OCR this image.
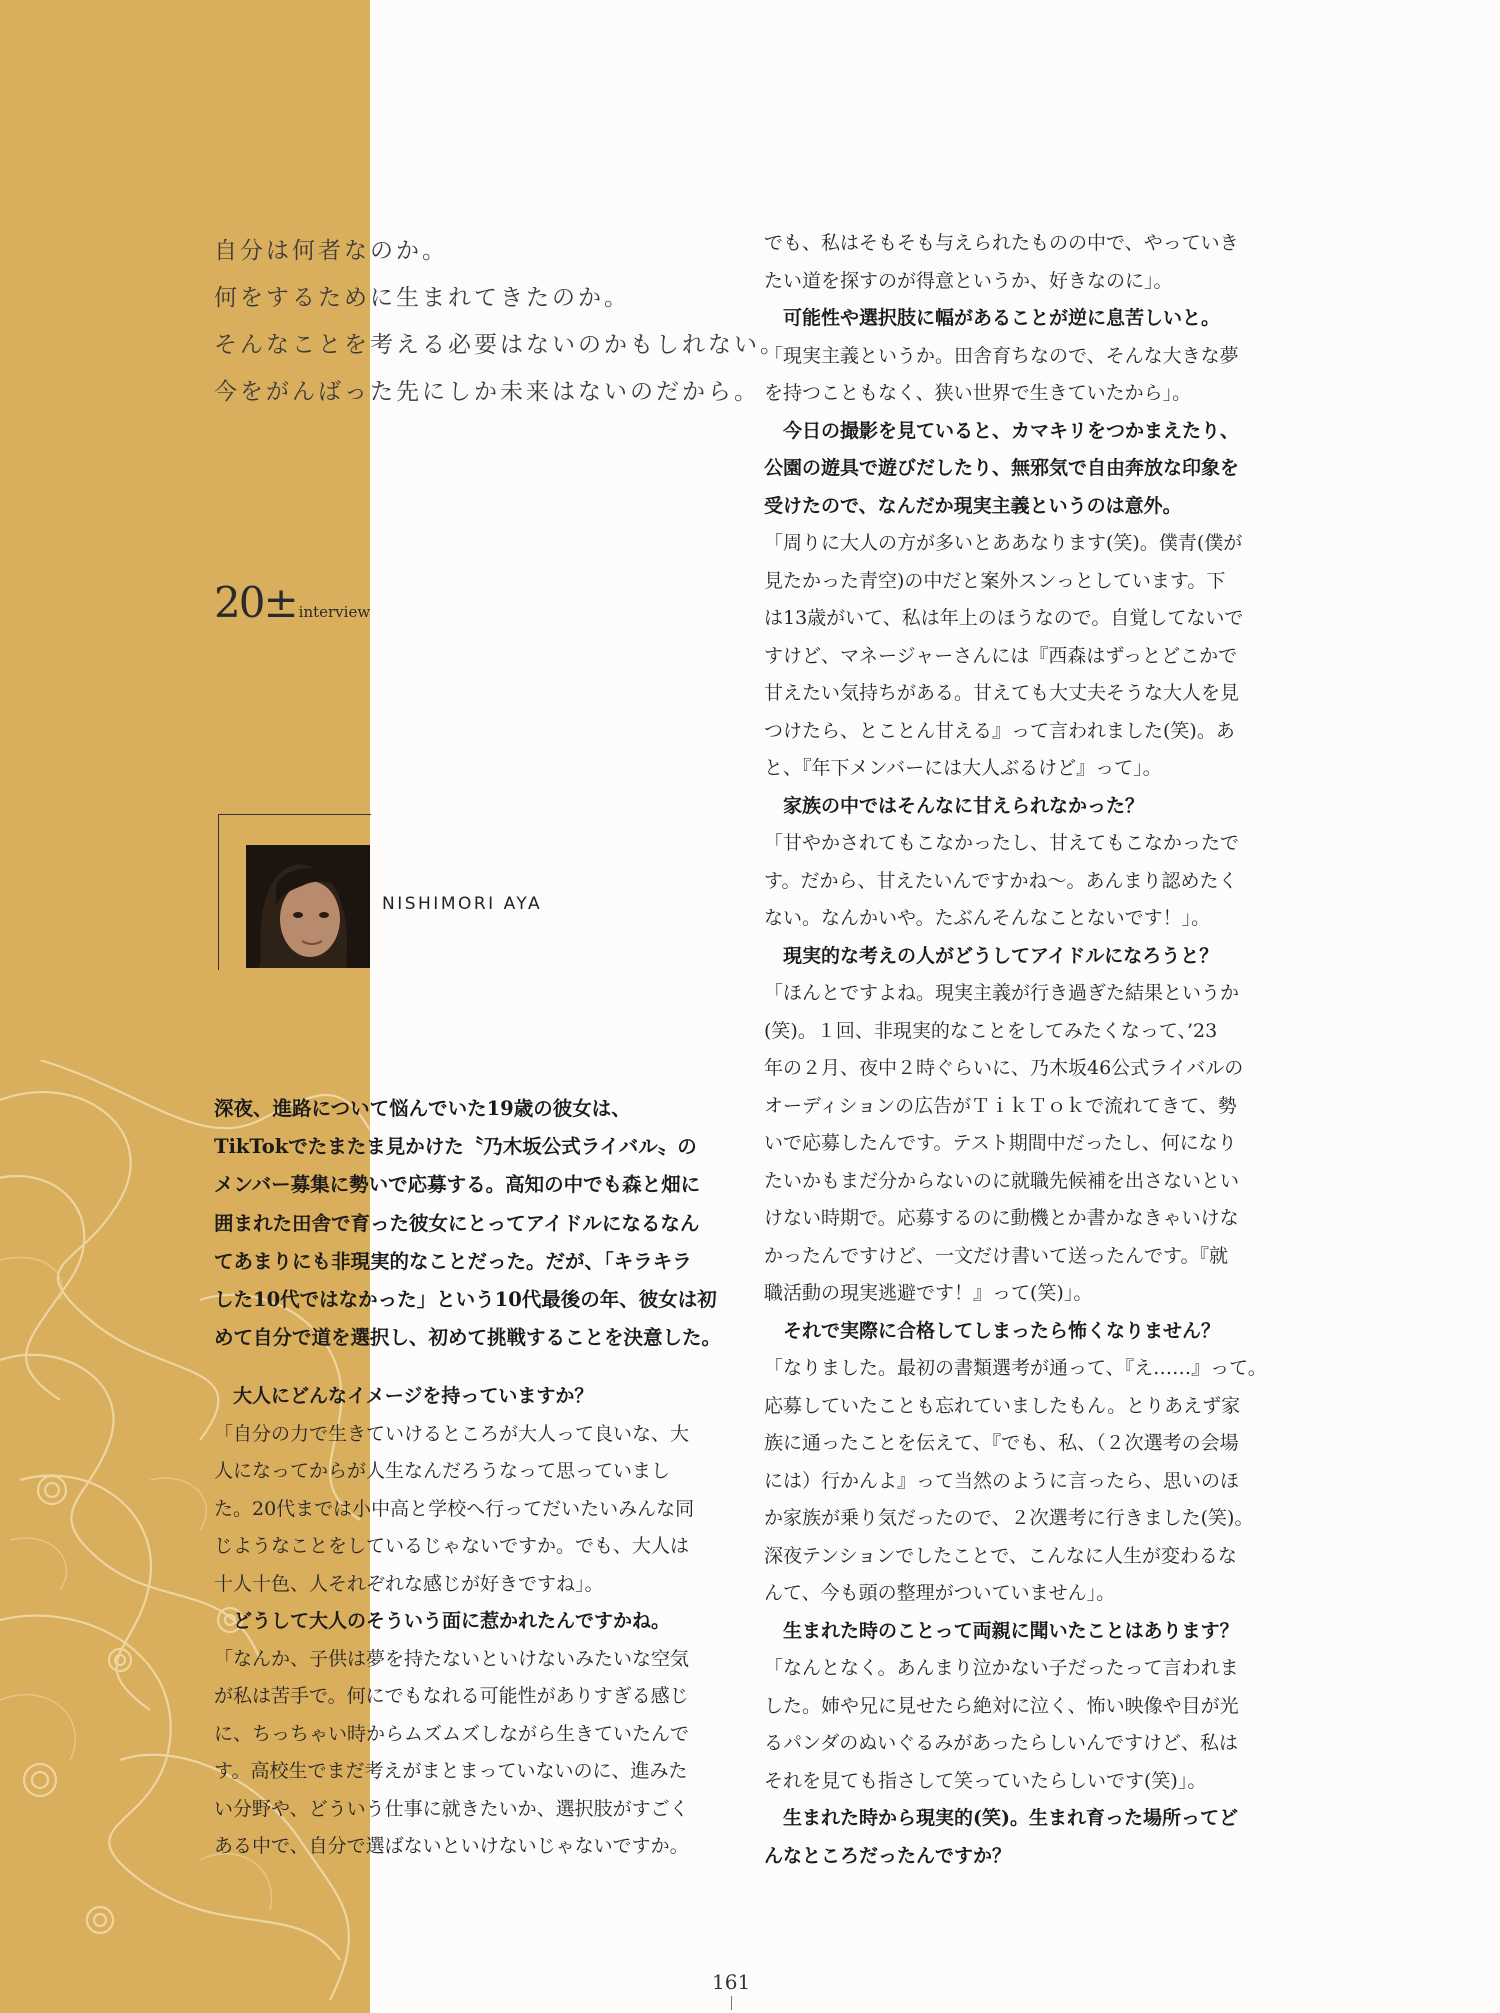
自分は何者なのか。

何をするために生まれてきたのか。

そんなことを考える必要はないのかもしれない。

今をがんばった先にしか未来はないのだから。

20± interview
NISHIMORI AYA

深夜、進路について悩んでいた19歳の彼女は、

TikTokでたまたま見かけた〝乃木坂公式ライバル〟の

メンバー募集に勢いで応募する。高知の中でも森と畑に

囲まれた田舎で育った彼女にとってアイドルになるなん

てあまりにも非現実的なことだった。だが、「キラキラ

した10代ではなかった」という10代最後の年、彼女は初

めて自分で道を選択し、初めて挑戦することを決意した。

　大人にどんなイメージを持っていますか？

「自分の力で生きていけるところが大人って良いな、大

人になってからが人生なんだろうなって思っていまし

た。20代までは小中高と学校へ行ってだいたいみんな同

じようなことをしているじゃないですか。でも、大人は

十人十色、人それぞれな感じが好きですね」。

　どうして大人のそういう面に惹かれたんですかね。

「なんか、子供は夢を持たないといけないみたいな空気

が私は苦手で。何にでもなれる可能性がありすぎる感じ

に、ちっちゃい時からムズムズしながら生きていたんで

す。高校生でまだ考えがまとまっていないのに、進みた

い分野や、どういう仕事に就きたいか、選択肢がすごく

ある中で、自分で選ばないといけないじゃないですか。

でも、私はそもそも与えられたものの中で、やっていき

たい道を探すのが得意というか、好きなのに」。

　可能性や選択肢に幅があることが逆に息苦しいと。

「現実主義というか。田舎育ちなので、そんな大きな夢

を持つこともなく、狭い世界で生きていたから」。

　今日の撮影を見ていると、カマキリをつかまえたり、

公園の遊具で遊びだしたり、無邪気で自由奔放な印象を

受けたので、なんだか現実主義というのは意外。

「周りに大人の方が多いとああなります(笑)。僕青(僕が

見たかった青空)の中だと案外スンっとしています。下

は13歳がいて、私は年上のほうなので。自覚してないで

すけど、マネージャーさんには『西森はずっとどこかで

甘えたい気持ちがある。甘えても大丈夫そうな大人を見

つけたら、とことん甘える』って言われました(笑)。あ

と、『年下メンバーには大人ぶるけど』って」。

　家族の中ではそんなに甘えられなかった？

「甘やかされてもこなかったし、甘えてもこなかったで

す。だから、甘えたいんですかね～。あんまり認めたく

ない。なんかいや。たぶんそんなことないです！」。

　現実的な考えの人がどうしてアイドルになろうと？

「ほんとですよね。現実主義が行き過ぎた結果というか

(笑)。１回、非現実的なことをしてみたくなって、’23

年の２月、夜中２時ぐらいに、乃木坂46公式ライバルの

オーディションの広告がＴｉｋＴｏｋで流れてきて、勢

いで応募したんです。テスト期間中だったし、何になり

たいかもまだ分からないのに就職先候補を出さないとい

けない時期で。応募するのに動機とか書かなきゃいけな

かったんですけど、一文だけ書いて送ったんです。『就

職活動の現実逃避です！』って(笑)」。

　それで実際に合格してしまったら怖くなりません？

「なりました。最初の書類選考が通って、『え……』って。

応募していたことも忘れていましたもん。とりあえず家

族に通ったことを伝えて、『でも、私、（２次選考の会場

には）行かんよ』って当然のように言ったら、思いのほ

か家族が乗り気だったので、２次選考に行きました(笑)。

深夜テンションでしたことで、こんなに人生が変わるな

んて、今も頭の整理がついていません」。

　生まれた時のことって両親に聞いたことはあります？

「なんとなく。あんまり泣かない子だったって言われま

した。姉や兄に見せたら絶対に泣く、怖い映像や目が光

るパンダのぬいぐるみがあったらしいんですけど、私は

それを見ても指さして笑っていたらしいです(笑)」。

　生まれた時から現実的(笑)。生まれ育った場所ってど

んなところだったんですか？

161
